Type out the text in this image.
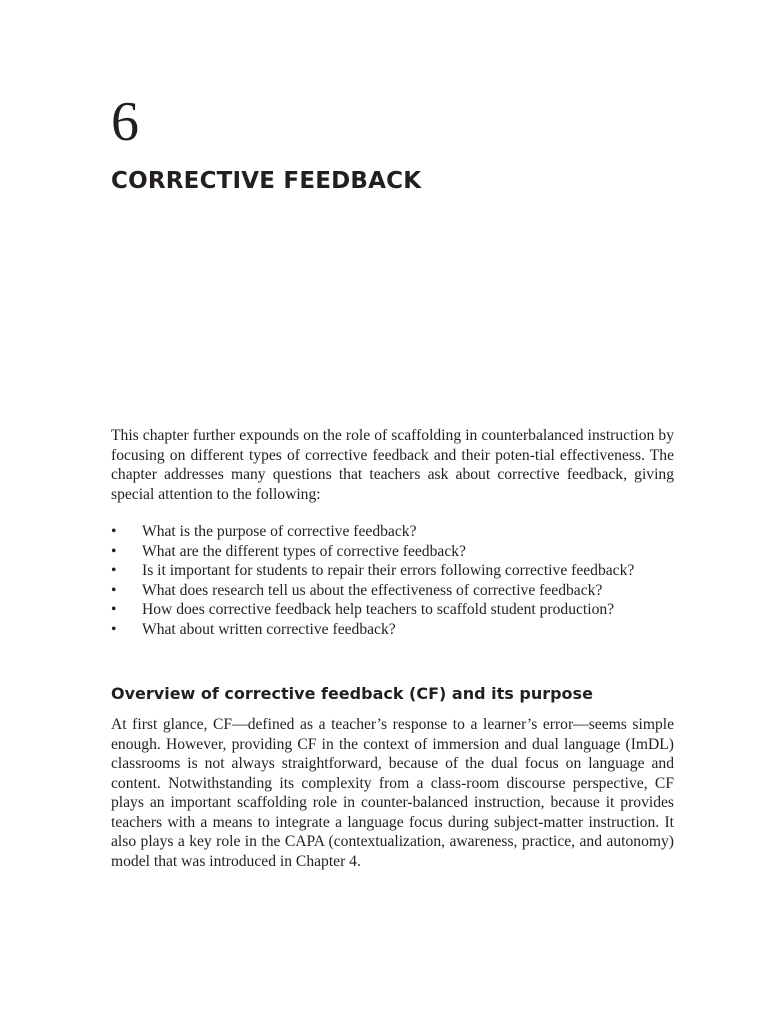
6
CORRECTIVE FEEDBACK

This chapter further expounds on the role of scaffolding in counterbalanced instruction by focusing on different types of corrective feedback and their poten-tial effectiveness. The chapter addresses many questions that teachers ask about corrective feedback, giving special attention to the following:

• What is the purpose of corrective feedback?
• What are the different types of corrective feedback?
• Is it important for students to repair their errors following corrective feedback?
• What does research tell us about the effectiveness of corrective feedback?
• How does corrective feedback help teachers to scaffold student production?
• What about written corrective feedback?
Overview of corrective feedback (CF) and its purpose

At first glance, CF—defined as a teacher’s response to a learner’s error—seems simple enough. However, providing CF in the context of immersion and dual language (ImDL) classrooms is not always straightforward, because of the dual focus on language and content. Notwithstanding its complexity from a class-room discourse perspective, CF plays an important scaffolding role in counter-balanced instruction, because it provides teachers with a means to integrate a language focus during subject-matter instruction. It also plays a key role in the CAPA (contextualization, awareness, practice, and autonomy) model that was introduced in Chapter 4.
